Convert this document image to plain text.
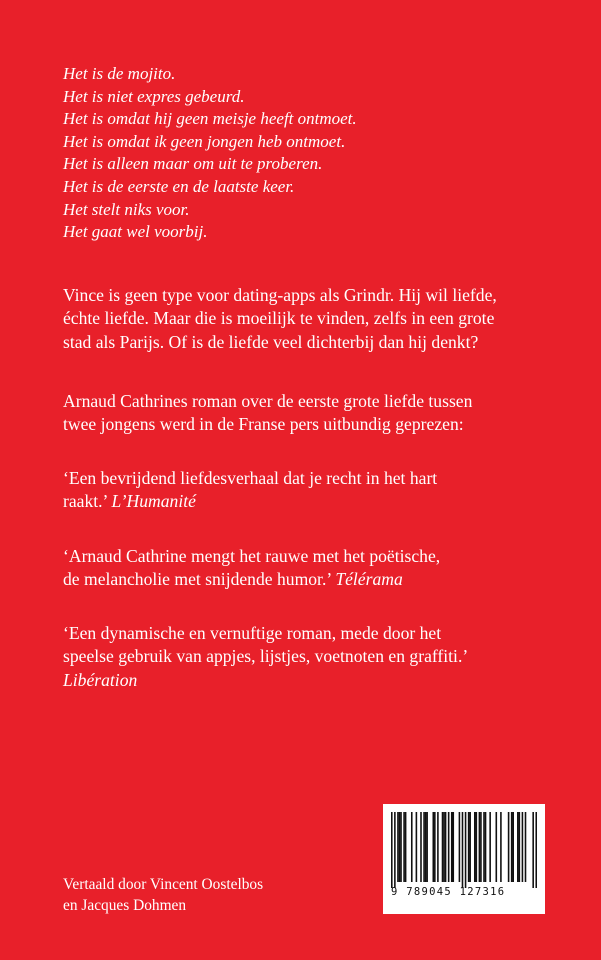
Het is de mojito.
Het is niet expres gebeurd.
Het is omdat hij geen meisje heeft ontmoet.
Het is omdat ik geen jongen heb ontmoet.
Het is alleen maar om uit te proberen.
Het is de eerste en de laatste keer.
Het stelt niks voor.
Het gaat wel voorbij.
Vince is geen type voor dating-apps als Grindr. Hij wil liefde,
échte liefde. Maar die is moeilijk te vinden, zelfs in een grote
stad als Parijs. Of is de liefde veel dichterbij dan hij denkt?
Arnaud Cathrines roman over de eerste grote liefde tussen
twee jongens werd in de Franse pers uitbundig geprezen:
‘Een bevrijdend liefdesverhaal dat je recht in het hart
raakt.’ L’Humanité
‘Arnaud Cathrine mengt het rauwe met het poëtische,
de melancholie met snijdende humor.’ Télérama
‘Een dynamische en vernuftige roman, mede door het
speelse gebruik van appjes, lijstjes, voetnoten en graffiti.’
Libération
Vertaald door Vincent Oostelbos
en Jacques Dohmen
9 789045 127316
